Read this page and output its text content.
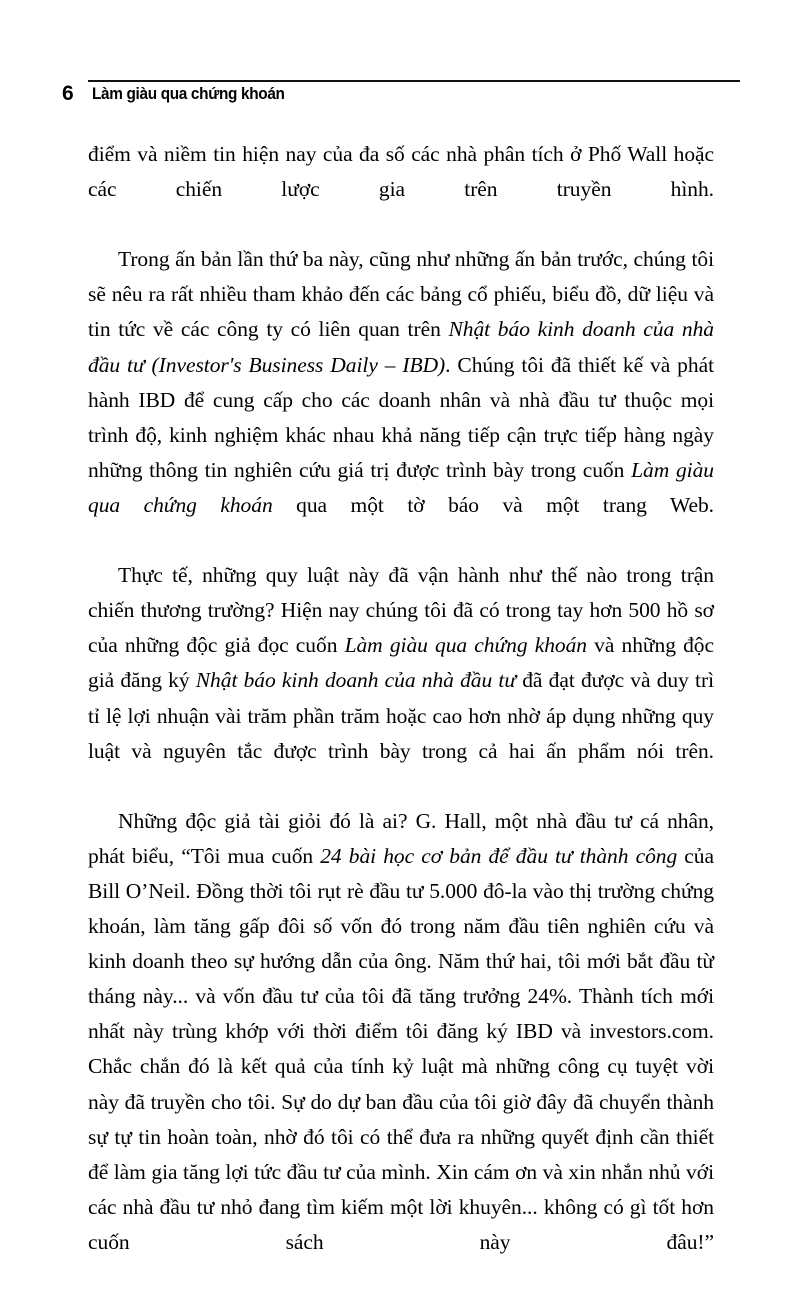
6 Làm giàu qua chứng khoán

điểm và niềm tin hiện nay của đa số các nhà phân tích ở Phố Wall hoặc các chiến lược gia trên truyền hình.

Trong ấn bản lần thứ ba này, cũng như những ấn bản trước, chúng tôi sẽ nêu ra rất nhiều tham khảo đến các bảng cổ phiếu, biểu đồ, dữ liệu và tin tức về các công ty có liên quan trên Nhật báo kinh doanh của nhà đầu tư (Investor's Business Daily – IBD). Chúng tôi đã thiết kế và phát hành IBD để cung cấp cho các doanh nhân và nhà đầu tư thuộc mọi trình độ, kinh nghiệm khác nhau khả năng tiếp cận trực tiếp hàng ngày những thông tin nghiên cứu giá trị được trình bày trong cuốn Làm giàu qua chứng khoán qua một tờ báo và một trang Web.

Thực tế, những quy luật này đã vận hành như thế nào trong trận chiến thương trường? Hiện nay chúng tôi đã có trong tay hơn 500 hồ sơ của những độc giả đọc cuốn Làm giàu qua chứng khoán và những độc giả đăng ký Nhật báo kinh doanh của nhà đầu tư đã đạt được và duy trì tỉ lệ lợi nhuận vài trăm phần trăm hoặc cao hơn nhờ áp dụng những quy luật và nguyên tắc được trình bày trong cả hai ấn phẩm nói trên.

Những độc giả tài giỏi đó là ai? G. Hall, một nhà đầu tư cá nhân, phát biểu, “Tôi mua cuốn 24 bài học cơ bản để đầu tư thành công của Bill O’Neil. Đồng thời tôi rụt rè đầu tư 5.000 đô-la vào thị trường chứng khoán, làm tăng gấp đôi số vốn đó trong năm đầu tiên nghiên cứu và kinh doanh theo sự hướng dẫn của ông. Năm thứ hai, tôi mới bắt đầu từ tháng này... và vốn đầu tư của tôi đã tăng trưởng 24%. Thành tích mới nhất này trùng khớp với thời điểm tôi đăng ký IBD và investors.com. Chắc chắn đó là kết quả của tính kỷ luật mà những công cụ tuyệt vời này đã truyền cho tôi. Sự do dự ban đầu của tôi giờ đây đã chuyển thành sự tự tin hoàn toàn, nhờ đó tôi có thể đưa ra những quyết định cần thiết để làm gia tăng lợi tức đầu tư của mình. Xin cám ơn và xin nhắn nhủ với các nhà đầu tư nhỏ đang tìm kiếm một lời khuyên... không có gì tốt hơn cuốn sách này đâu!”
